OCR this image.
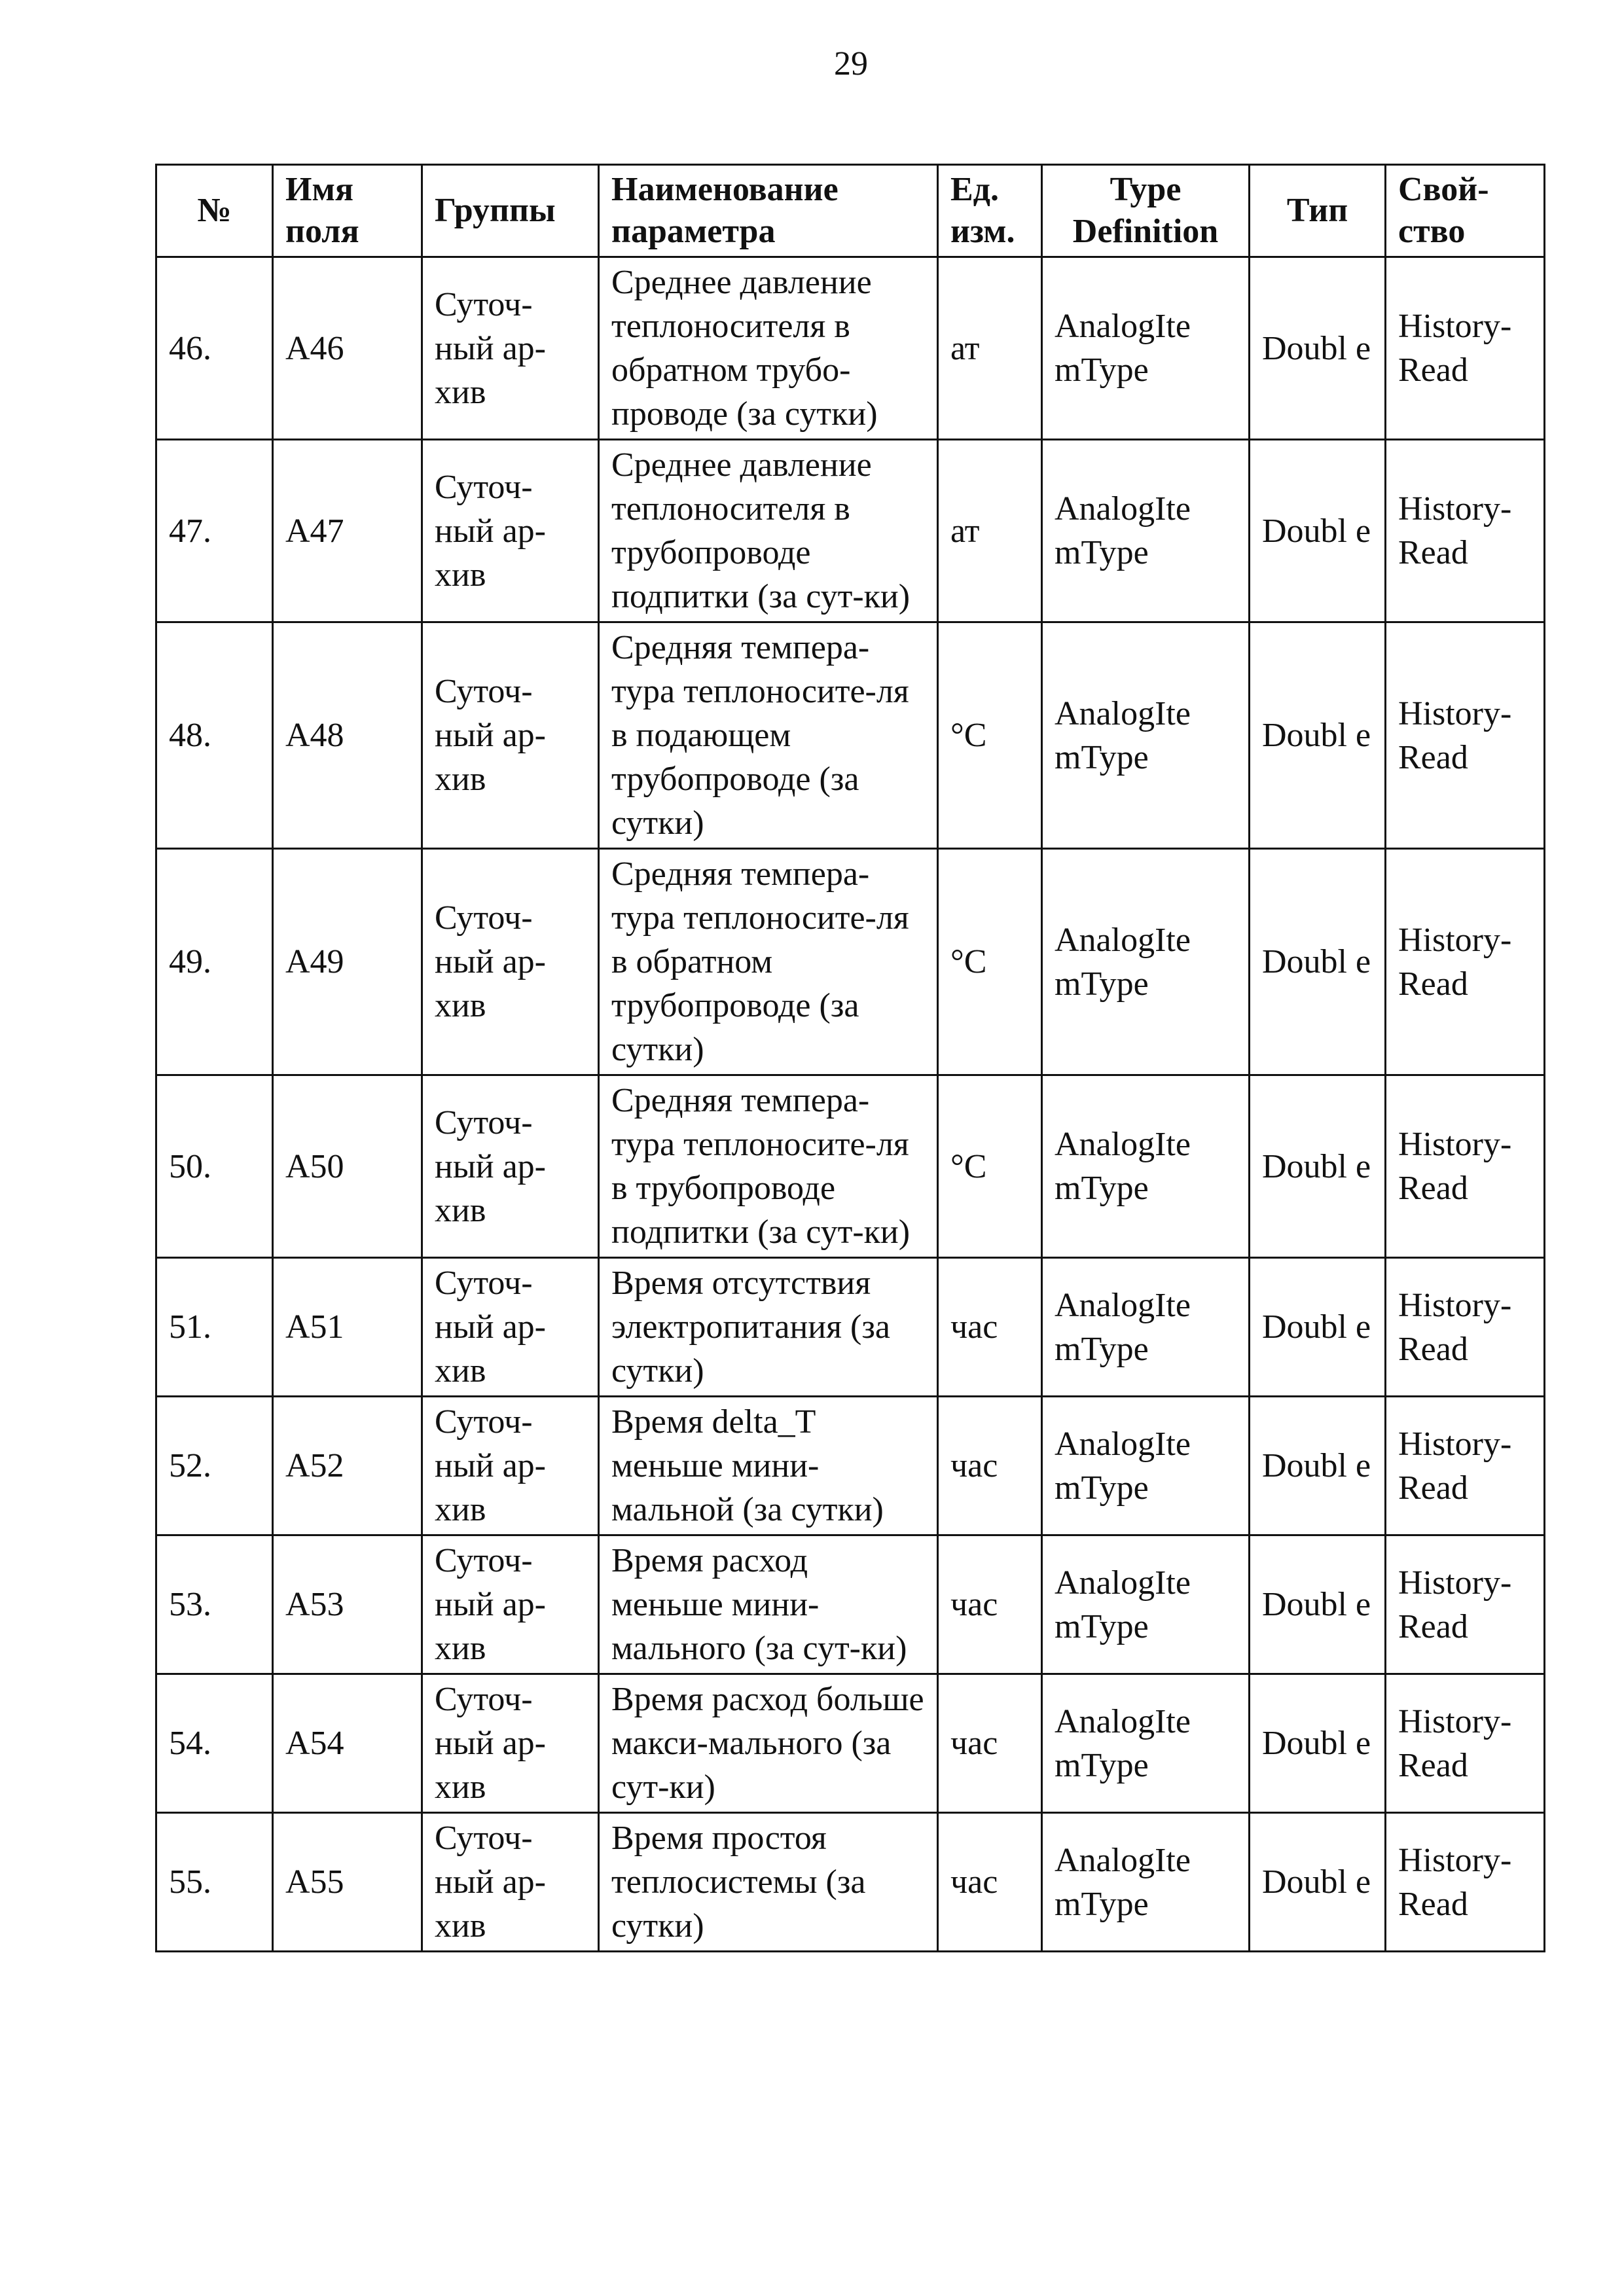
29
№	Имя поля	Группы	Наименование параметра	Ед. изм.	Type Definition	Тип	Свой-ство
46.	A46	Суточ-ный ар-хив	Среднее давление теплоносителя в обратном трубо-проводе (за сутки)	ат	AnalogIte mType	Doubl e	History-Read
47.	A47	Суточ-ный ар-хив	Среднее давление теплоносителя в трубопроводе подпитки (за сут-ки)	ат	AnalogIte mType	Doubl e	History-Read
48.	A48	Суточ-ный ар-хив	Средняя темпера-тура теплоносите-ля в подающем трубопроводе (за сутки)	°С	AnalogIte mType	Doubl e	History-Read
49.	A49	Суточ-ный ар-хив	Средняя темпера-тура теплоносите-ля в обратном трубопроводе (за сутки)	°С	AnalogIte mType	Doubl e	History-Read
50.	A50	Суточ-ный ар-хив	Средняя темпера-тура теплоносите-ля в трубопроводе подпитки (за сут-ки)	°С	AnalogIte mType	Doubl e	History-Read
51.	A51	Суточ-ный ар-хив	Время отсутствия электропитания (за сутки)	час	AnalogIte mType	Doubl e	History-Read
52.	A52	Суточ-ный ар-хив	Время delta_T меньше мини-мальной (за сутки)	час	AnalogIte mType	Doubl e	History-Read
53.	A53	Суточ-ный ар-хив	Время расход меньше мини-мального (за сут-ки)	час	AnalogIte mType	Doubl e	History-Read
54.	A54	Суточ-ный ар-хив	Время расход больше макси-мального (за сут-ки)	час	AnalogIte mType	Doubl e	History-Read
55.	A55	Суточ-ный ар-хив	Время простоя теплосистемы (за сутки)	час	AnalogIte mType	Doubl e	History-Read
